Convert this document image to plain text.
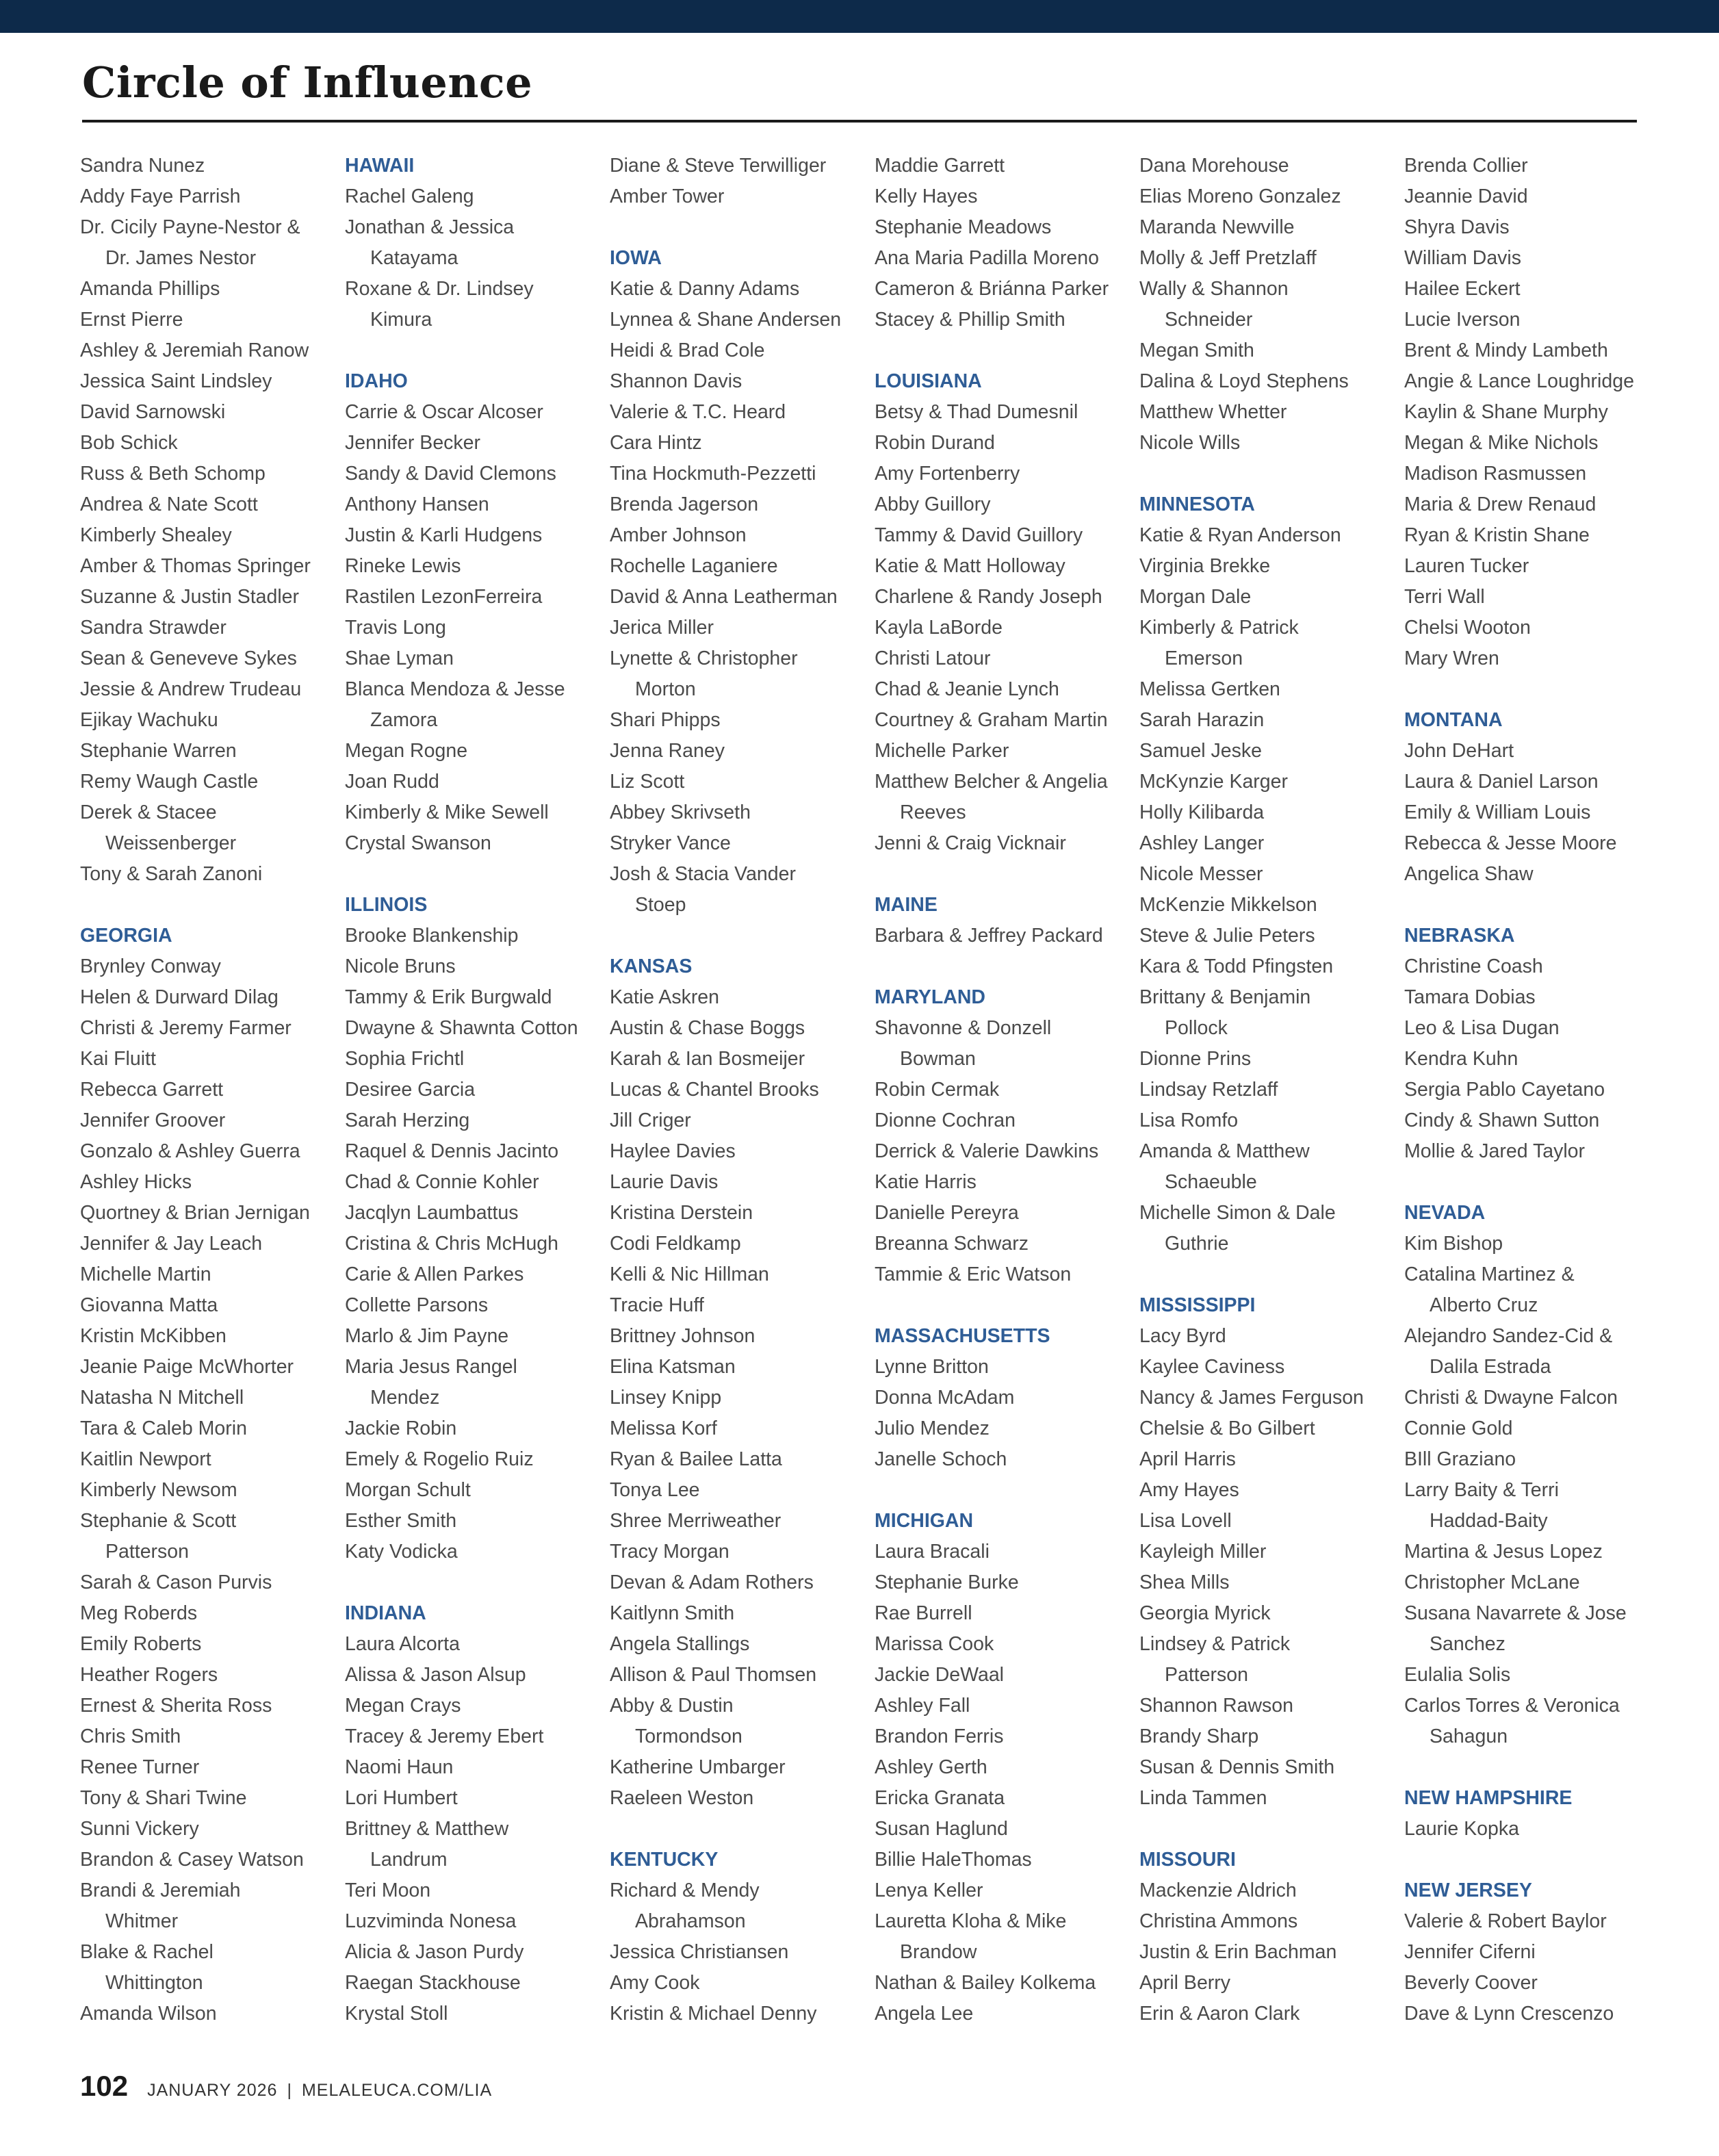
Circle of Influence
Sandra Nunez
Addy Faye Parrish
Dr. Cicily Payne-Nestor &
Dr. James Nestor
Amanda Phillips
Ernst Pierre
Ashley & Jeremiah Ranow
Jessica Saint Lindsley
David Sarnowski
Bob Schick
Russ & Beth Schomp
Andrea & Nate Scott
Kimberly Shealey
Amber & Thomas Springer
Suzanne & Justin Stadler
Sandra Strawder
Sean & Geneveve Sykes
Jessie & Andrew Trudeau
Ejikay Wachuku
Stephanie Warren
Remy Waugh Castle
Derek & Stacee
Weissenberger
Tony & Sarah Zanoni
GEORGIA
Brynley Conway
Helen & Durward Dilag
Christi & Jeremy Farmer
Kai Fluitt
Rebecca Garrett
Jennifer Groover
Gonzalo & Ashley Guerra
Ashley Hicks
Quortney & Brian Jernigan
Jennifer & Jay Leach
Michelle Martin
Giovanna Matta
Kristin McKibben
Jeanie Paige McWhorter
Natasha N Mitchell
Tara & Caleb Morin
Kaitlin Newport
Kimberly Newsom
Stephanie & Scott
Patterson
Sarah & Cason Purvis
Meg Roberds
Emily Roberts
Heather Rogers
Ernest & Sherita Ross
Chris Smith
Renee Turner
Tony & Shari Twine
Sunni Vickery
Brandon & Casey Watson
Brandi & Jeremiah
Whitmer
Blake & Rachel
Whittington
Amanda Wilson
HAWAII
Rachel Galeng
Jonathan & Jessica
Katayama
Roxane & Dr. Lindsey
Kimura
IDAHO
Carrie & Oscar Alcoser
Jennifer Becker
Sandy & David Clemons
Anthony Hansen
Justin & Karli Hudgens
Rineke Lewis
Rastilen LezonFerreira
Travis Long
Shae Lyman
Blanca Mendoza & Jesse
Zamora
Megan Rogne
Joan Rudd
Kimberly & Mike Sewell
Crystal Swanson
ILLINOIS
Brooke Blankenship
Nicole Bruns
Tammy & Erik Burgwald
Dwayne & Shawnta Cotton
Sophia Frichtl
Desiree Garcia
Sarah Herzing
Raquel & Dennis Jacinto
Chad & Connie Kohler
Jacqlyn Laumbattus
Cristina & Chris McHugh
Carie & Allen Parkes
Collette Parsons
Marlo & Jim Payne
Maria Jesus Rangel
Mendez
Jackie Robin
Emely & Rogelio Ruiz
Morgan Schult
Esther Smith
Katy Vodicka
INDIANA
Laura Alcorta
Alissa & Jason Alsup
Megan Crays
Tracey & Jeremy Ebert
Naomi Haun
Lori Humbert
Brittney & Matthew
Landrum
Teri Moon
Luzviminda Nonesa
Alicia & Jason Purdy
Raegan Stackhouse
Krystal Stoll
Diane & Steve Terwilliger
Amber Tower
IOWA
Katie & Danny Adams
Lynnea & Shane Andersen
Heidi & Brad Cole
Shannon Davis
Valerie & T.C. Heard
Cara Hintz
Tina Hockmuth-Pezzetti
Brenda Jagerson
Amber Johnson
Rochelle Laganiere
David & Anna Leatherman
Jerica Miller
Lynette & Christopher
Morton
Shari Phipps
Jenna Raney
Liz Scott
Abbey Skrivseth
Stryker Vance
Josh & Stacia Vander
Stoep
KANSAS
Katie Askren
Austin & Chase Boggs
Karah & Ian Bosmeijer
Lucas & Chantel Brooks
Jill Criger
Haylee Davies
Laurie Davis
Kristina Derstein
Codi Feldkamp
Kelli & Nic Hillman
Tracie Huff
Brittney Johnson
Elina Katsman
Linsey Knipp
Melissa Korf
Ryan & Bailee Latta
Tonya Lee
Shree Merriweather
Tracy Morgan
Devan & Adam Rothers
Kaitlynn Smith
Angela Stallings
Allison & Paul Thomsen
Abby & Dustin
Tormondson
Katherine Umbarger
Raeleen Weston
KENTUCKY
Richard & Mendy
Abrahamson
Jessica Christiansen
Amy Cook
Kristin & Michael Denny
Maddie Garrett
Kelly Hayes
Stephanie Meadows
Ana Maria Padilla Moreno
Cameron & Briánna Parker
Stacey & Phillip Smith
LOUISIANA
Betsy & Thad Dumesnil
Robin Durand
Amy Fortenberry
Abby Guillory
Tammy & David Guillory
Katie & Matt Holloway
Charlene & Randy Joseph
Kayla LaBorde
Christi Latour
Chad & Jeanie Lynch
Courtney & Graham Martin
Michelle Parker
Matthew Belcher & Angelia
Reeves
Jenni & Craig Vicknair
MAINE
Barbara & Jeffrey Packard
MARYLAND
Shavonne & Donzell
Bowman
Robin Cermak
Dionne Cochran
Derrick & Valerie Dawkins
Katie Harris
Danielle Pereyra
Breanna Schwarz
Tammie & Eric Watson
MASSACHUSETTS
Lynne Britton
Donna McAdam
Julio Mendez
Janelle Schoch
MICHIGAN
Laura Bracali
Stephanie Burke
Rae Burrell
Marissa Cook
Jackie DeWaal
Ashley Fall
Brandon Ferris
Ashley Gerth
Ericka Granata
Susan Haglund
Billie HaleThomas
Lenya Keller
Lauretta Kloha & Mike
Brandow
Nathan & Bailey Kolkema
Angela Lee
Dana Morehouse
Elias Moreno Gonzalez
Maranda Newville
Molly & Jeff Pretzlaff
Wally & Shannon
Schneider
Megan Smith
Dalina & Loyd Stephens
Matthew Whetter
Nicole Wills
MINNESOTA
Katie & Ryan Anderson
Virginia Brekke
Morgan Dale
Kimberly & Patrick
Emerson
Melissa Gertken
Sarah Harazin
Samuel Jeske
McKynzie Karger
Holly Kilibarda
Ashley Langer
Nicole Messer
McKenzie Mikkelson
Steve & Julie Peters
Kara & Todd Pfingsten
Brittany & Benjamin
Pollock
Dionne Prins
Lindsay Retzlaff
Lisa Romfo
Amanda & Matthew
Schaeuble
Michelle Simon & Dale
Guthrie
MISSISSIPPI
Lacy Byrd
Kaylee Caviness
Nancy & James Ferguson
Chelsie & Bo Gilbert
April Harris
Amy Hayes
Lisa Lovell
Kayleigh Miller
Shea Mills
Georgia Myrick
Lindsey & Patrick
Patterson
Shannon Rawson
Brandy Sharp
Susan & Dennis Smith
Linda Tammen
MISSOURI
Mackenzie Aldrich
Christina Ammons
Justin & Erin Bachman
April Berry
Erin & Aaron Clark
Brenda Collier
Jeannie David
Shyra Davis
William Davis
Hailee Eckert
Lucie Iverson
Brent & Mindy Lambeth
Angie & Lance Loughridge
Kaylin & Shane Murphy
Megan & Mike Nichols
Madison Rasmussen
Maria & Drew Renaud
Ryan & Kristin Shane
Lauren Tucker
Terri Wall
Chelsi Wooton
Mary Wren
MONTANA
John DeHart
Laura & Daniel Larson
Emily & William Louis
Rebecca & Jesse Moore
Angelica Shaw
NEBRASKA
Christine Coash
Tamara Dobias
Leo & Lisa Dugan
Kendra Kuhn
Sergia Pablo Cayetano
Cindy & Shawn Sutton
Mollie & Jared Taylor
NEVADA
Kim Bishop
Catalina Martinez &
Alberto Cruz
Alejandro Sandez-Cid &
Dalila Estrada
Christi & Dwayne Falcon
Connie Gold
BIll Graziano
Larry Baity & Terri
Haddad-Baity
Martina & Jesus Lopez
Christopher McLane
Susana Navarrete & Jose
Sanchez
Eulalia Solis
Carlos Torres & Veronica
Sahagun
NEW HAMPSHIRE
Laurie Kopka
NEW JERSEY
Valerie & Robert Baylor
Jennifer Ciferni
Beverly Coover
Dave & Lynn Crescenzo
102 JANUARY 2026 | MELALEUCA.COM/LIA
